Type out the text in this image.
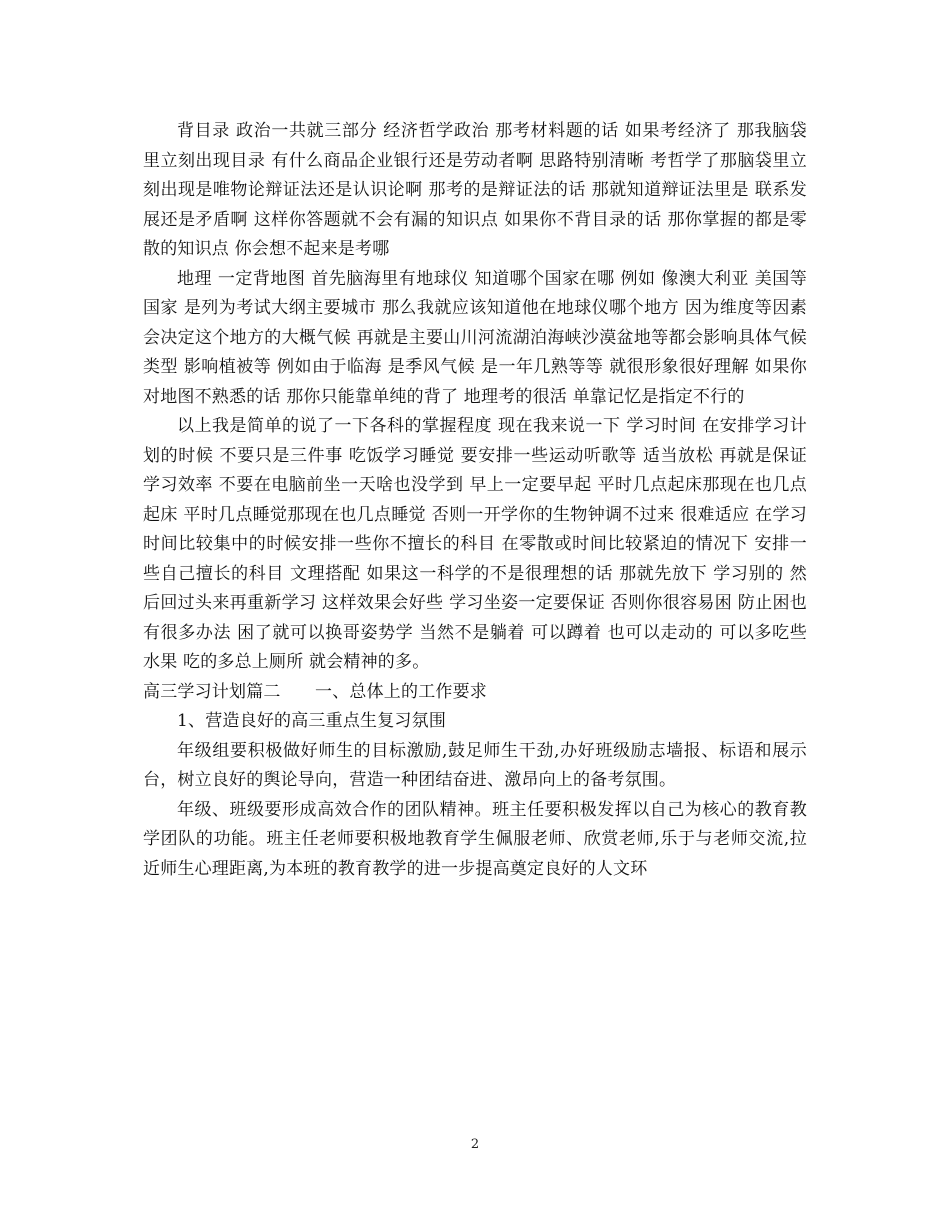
背目录 政治一共就三部分 经济哲学政治 那考材料题的话 如果考经济了 那我脑袋里立刻出现目录 有什么商品企业银行还是劳动者啊 思路特别清晰 考哲学了那脑袋里立刻出现是唯物论辩证法还是认识论啊 那考的是辩证法的话 那就知道辩证法里是 联系发展还是矛盾啊 这样你答题就不会有漏的知识点 如果你不背目录的话 那你掌握的都是零散的知识点 你会想不起来是考哪

地理 一定背地图 首先脑海里有地球仪 知道哪个国家在哪 例如 像澳大利亚 美国等国家 是列为考试大纲主要城市 那么我就应该知道他在地球仪哪个地方 因为维度等因素 会决定这个地方的大概气候 再就是主要山川河流湖泊海峡沙漠盆地等都会影响具体气候类型 影响植被等 例如由于临海 是季风气候 是一年几熟等等 就很形象很好理解 如果你对地图不熟悉的话 那你只能靠单纯的背了 地理考的很活 单靠记忆是指定不行的

以上我是简单的说了一下各科的掌握程度 现在我来说一下 学习时间 在安排学习计划的时候 不要只是三件事 吃饭学习睡觉 要安排一些运动听歌等 适当放松 再就是保证学习效率 不要在电脑前坐一天啥也没学到 早上一定要早起 平时几点起床那现在也几点起床 平时几点睡觉那现在也几点睡觉 否则一开学你的生物钟调不过来 很难适应 在学习时间比较集中的时候安排一些你不擅长的科目 在零散或时间比较紧迫的情况下 安排一些自己擅长的科目 文理搭配 如果这一科学的不是很理想的话 那就先放下 学习别的 然后回过头来再重新学习 这样效果会好些 学习坐姿一定要保证 否则你很容易困 防止困也有很多办法 困了就可以换哥姿势学 当然不是躺着 可以蹲着 也可以走动的 可以多吃些水果 吃的多总上厕所 就会精神的多。

高三学习计划篇二　　一、总体上的工作要求

1、营造良好的高三重点生复习氛围

年级组要积极做好师生的目标激励,鼓足师生干劲,办好班级励志墙报、标语和展示台，树立良好的舆论导向，营造一种团结奋进、激昂向上的备考氛围。

年级、班级要形成高效合作的团队精神。班主任要积极发挥以自己为核心的教育教学团队的功能。班主任老师要积极地教育学生佩服老师、欣赏老师,乐于与老师交流,拉近师生心理距离,为本班的教育教学的进一步提高奠定良好的人文环

2
